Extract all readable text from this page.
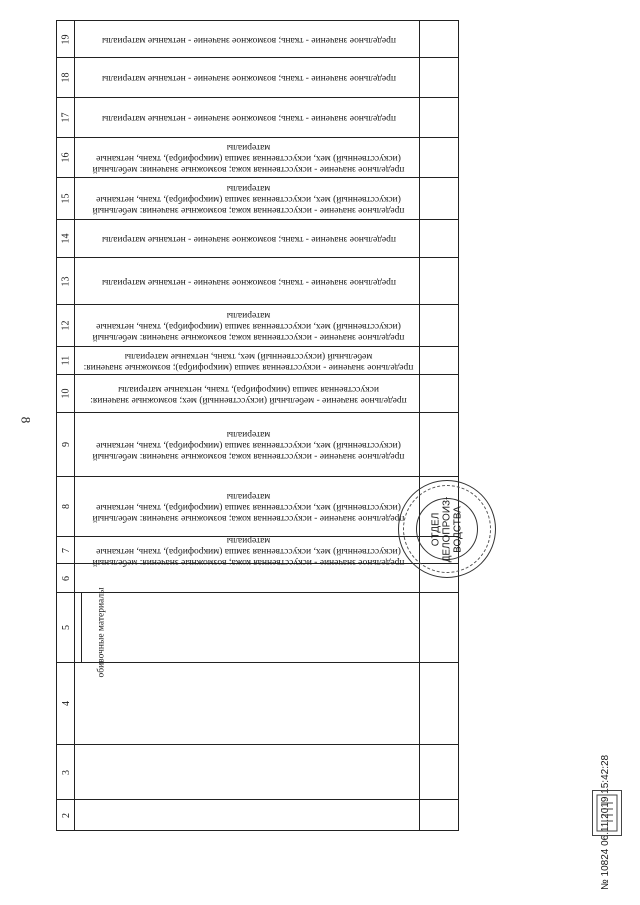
8
19
18
17
16
15
14
13
12
11
10
9
8
7
6
5
4
3
2
предельное значение - ткань; возможное значение - нетканые материалы
предельное значение - ткань; возможное значение - нетканые материалы
предельное значение - ткань; возможное значение - нетканые материалы
предельное значение - искусственная кожа; возможные значения: мебельный (искусственный) мех, искусственная замша (микрофибра), ткань, нетканые материалы
предельное значение - искусственная кожа; возможные значения: мебельный (искусственный) мех, искусственная замша (микрофибра), ткань, нетканые материалы
предельное значение - ткань; возможное значение - нетканые материалы
предельное значение - ткань; возможное значение - нетканые материалы
предельное значение - искусственная кожа; возможные значения: мебельный (искусственный) мех, искусственная замша (микрофибра), ткань, нетканые материалы
предельное значение - искусственная замша (микрофибра); возможные значения: мебельный (искусственный) мех, ткань, нетканые материалы
предельное значение - мебельный (искусственный) мех; возможные значения: искусственная замша (микрофибра), ткань, нетканые материалы
предельное значение - искусственная кожа; возможные значения: мебельный (искусственный) мех, искусственная замша (микрофибра), ткань, нетканые материалы
предельное значение - искусственная кожа; возможные значения: мебельный (искусственный) мех, искусственная замша (микрофибра), ткань, нетканые материалы
предельное значение - искусственная кожа; возможные значения: мебельный (искусственный) мех, искусственная замша (микрофибра), ткань, нетканые материалы
обивочные материалы
ОТДЕЛ ДЕЛОПРОИЗ- ВОДСТВА
№ 10824 06.11.2019 15:42:28
